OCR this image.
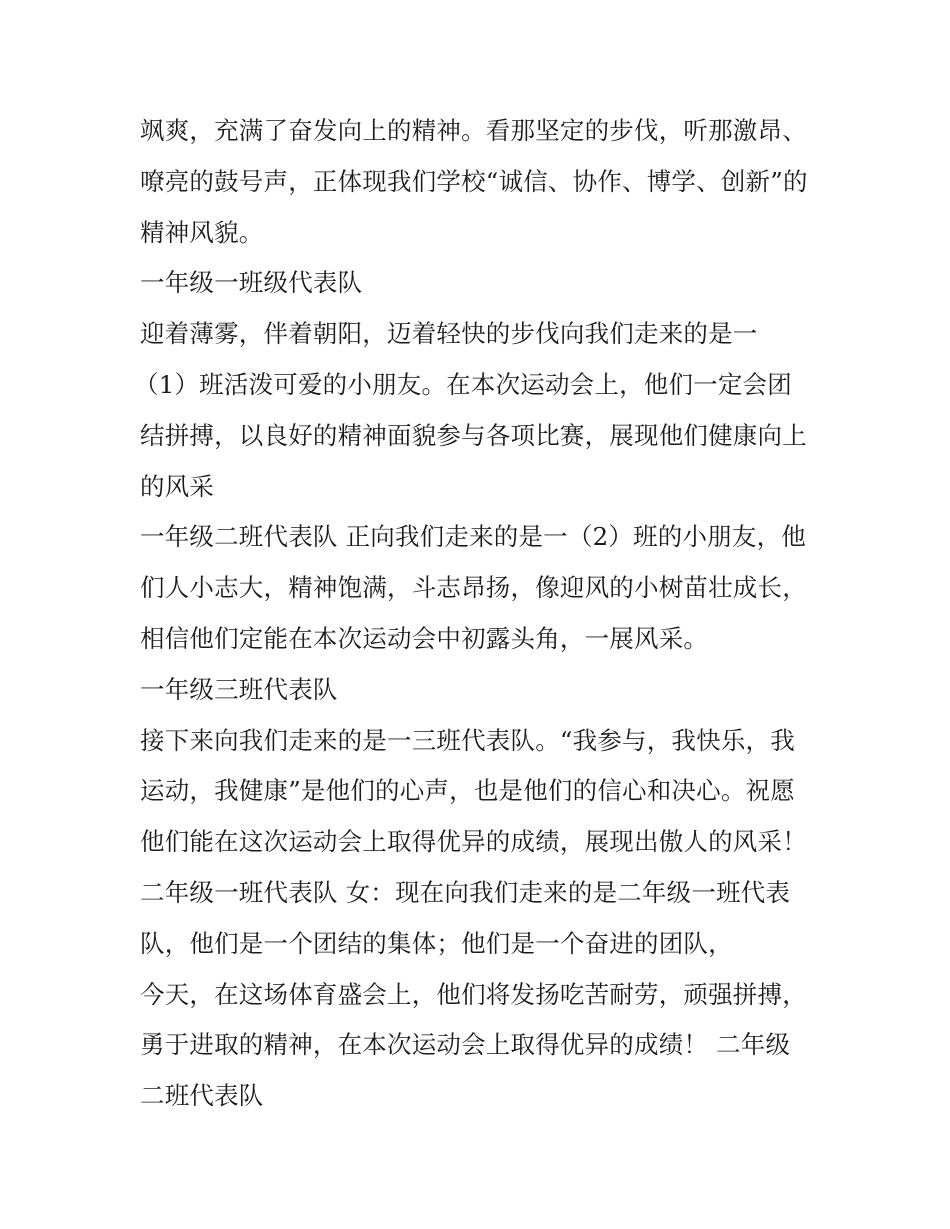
飒爽，充满了奋发向上的精神。看那坚定的步伐，听那激昂、
嘹亮的鼓号声，正体现我们学校“诚信、协作、博学、创新”的
精神风貌。
一年级一班级代表队
迎着薄雾，伴着朝阳，迈着轻快的步伐向我们走来的是一
（1）班活泼可爱的小朋友。在本次运动会上，他们一定会团
结拼搏，以良好的精神面貌参与各项比赛，展现他们健康向上
的风采
一年级二班代表队 正向我们走来的是一（2）班的小朋友，他
们人小志大，精神饱满，斗志昂扬，像迎风的小树苗壮成长，
相信他们定能在本次运动会中初露头角，一展风采。
一年级三班代表队
接下来向我们走来的是一三班代表队。“我参与，我快乐，我
运动，我健康”是他们的心声，也是他们的信心和决心。祝愿
他们能在这次运动会上取得优异的成绩，展现出傲人的风采！
二年级一班代表队 女：现在向我们走来的是二年级一班代表
队，他们是一个团结的集体；他们是一个奋进的团队，
今天，在这场体育盛会上，他们将发扬吃苦耐劳，顽强拼搏，
勇于进取的精神，在本次运动会上取得优异的成绩！ 二年级
二班代表队
